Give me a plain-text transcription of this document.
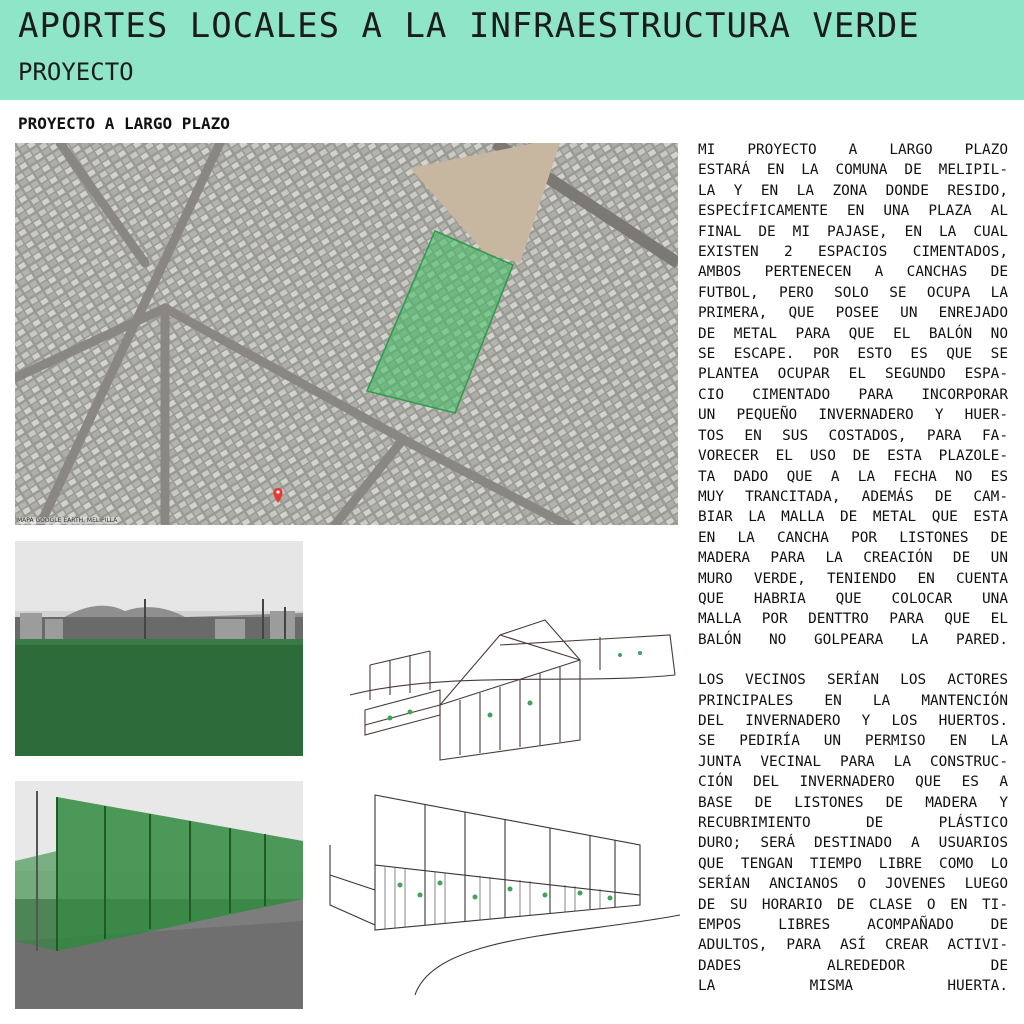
APORTES LOCALES A LA INFRAESTRUCTURA VERDE
PROYECTO
PROYECTO A LARGO PLAZO
MAPA GOOGLE EARTH, MELIPILLA
MI PROYECTO A LARGO PLAZO
ESTARÁ EN LA COMUNA DE MELIPIL-
LA Y EN LA ZONA DONDE RESIDO,
ESPECÍFICAMENTE EN UNA PLAZA AL
FINAL DE MI PAJASE, EN LA CUAL
EXISTEN 2 ESPACIOS CIMENTADOS,
AMBOS PERTENECEN A CANCHAS DE
FUTBOL, PERO SOLO SE OCUPA LA
PRIMERA, QUE POSEE UN ENREJADO
DE METAL PARA QUE EL BALÓN NO
SE ESCAPE. POR ESTO ES QUE SE
PLANTEA OCUPAR EL SEGUNDO ESPA-
CIO CIMENTADO PARA INCORPORAR
UN PEQUEÑO INVERNADERO Y HUER-
TOS EN SUS COSTADOS, PARA FA-
VORECER EL USO DE ESTA PLAZOLE-
TA DADO QUE A LA FECHA NO ES
MUY TRANCITADA, ADEMÁS DE CAM-
BIAR LA MALLA DE METAL QUE ESTA
EN LA CANCHA POR LISTONES DE
MADERA PARA LA CREACIÓN DE UN
MURO VERDE, TENIENDO EN CUENTA
QUE HABRIA QUE COLOCAR UNA
MALLA POR DENTTRO PARA QUE EL
BALÓN NO GOLPEARA LA PARED.
LOS VECINOS SERÍAN LOS ACTORES
PRINCIPALES EN LA MANTENCIÓN
DEL INVERNADERO Y LOS HUERTOS.
SE PEDIRÍA UN PERMISO EN LA
JUNTA VECINAL PARA LA CONSTRUC-
CIÓN DEL INVERNADERO QUE ES A
BASE DE LISTONES DE MADERA Y
RECUBRIMIENTO DE PLÁSTICO
DURO; SERÁ DESTINADO A USUARIOS
QUE TENGAN TIEMPO LIBRE COMO LO
SERÍAN ANCIANOS O JOVENES LUEGO
DE SU HORARIO DE CLASE O EN TI-
EMPOS LIBRES ACOMPAÑADO DE
ADULTOS, PARA ASÍ CREAR ACTIVI-
DADES ALREDEDOR DE
LA MISMA HUERTA.
